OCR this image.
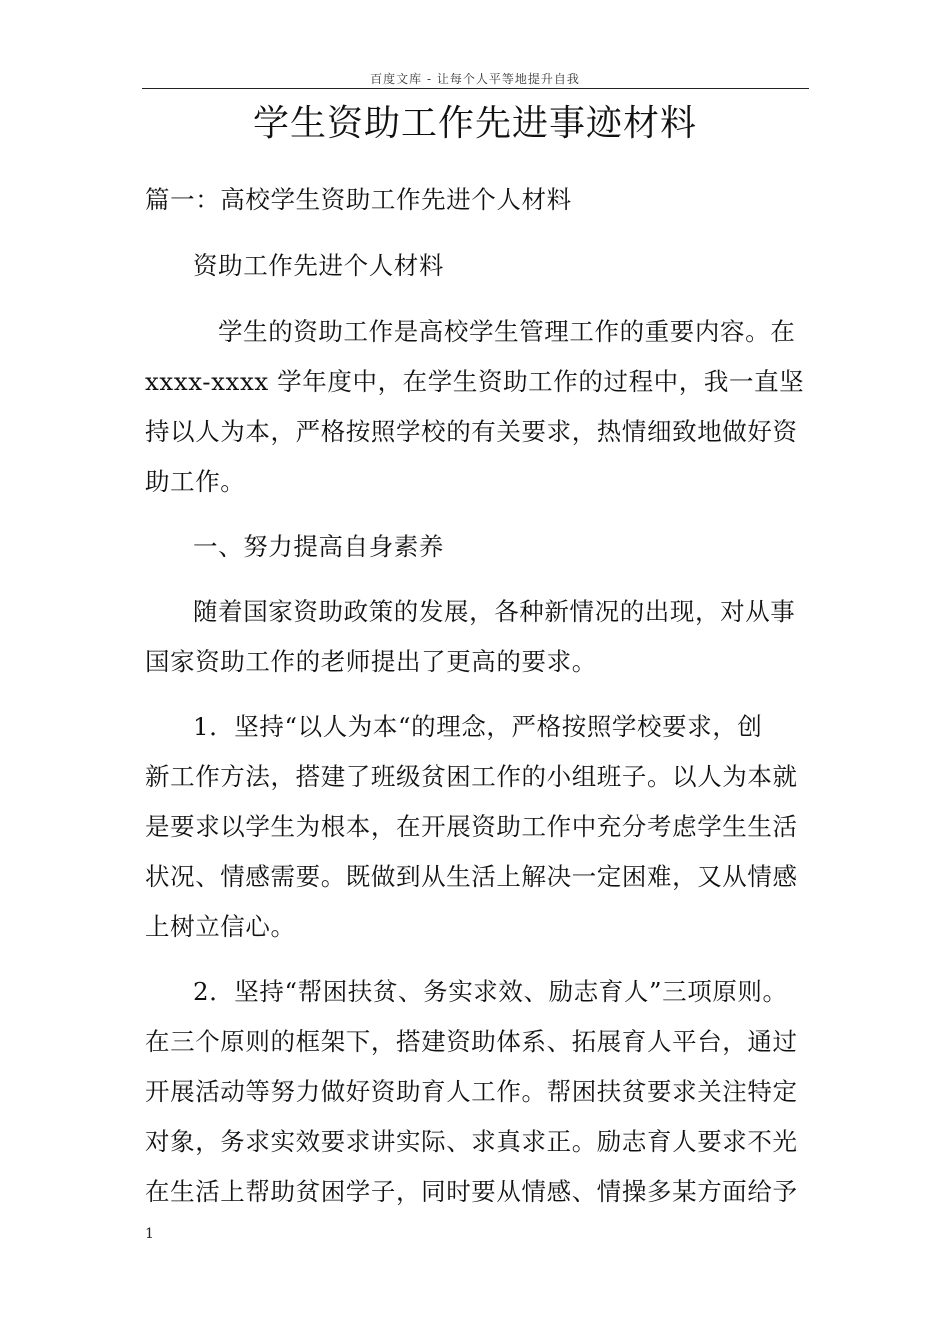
百度文库 - 让每个人平等地提升自我
学生资助工作先进事迹材料
篇一：高校学生资助工作先进个人材料
资助工作先进个人材料
学生的资助工作是高校学生管理工作的重要内容。在
xxxx-xxxx 学年度中，在学生资助工作的过程中，我一直坚
持以人为本，严格按照学校的有关要求，热情细致地做好资
助工作。
一、努力提高自身素养
随着国家资助政策的发展，各种新情况的出现，对从事
国家资助工作的老师提出了更高的要求。
1．坚持“以人为本“的理念，严格按照学校要求，创
新工作方法，搭建了班级贫困工作的小组班子。以人为本就
是要求以学生为根本，在开展资助工作中充分考虑学生生活
状况、情感需要。既做到从生活上解决一定困难，又从情感
上树立信心。
2．坚持“帮困扶贫、务实求效、励志育人”三项原则。
在三个原则的框架下，搭建资助体系、拓展育人平台，通过
开展活动等努力做好资助育人工作。帮困扶贫要求关注特定
对象，务求实效要求讲实际、求真求正。励志育人要求不光
在生活上帮助贫困学子，同时要从情感、情操多某方面给予
1
